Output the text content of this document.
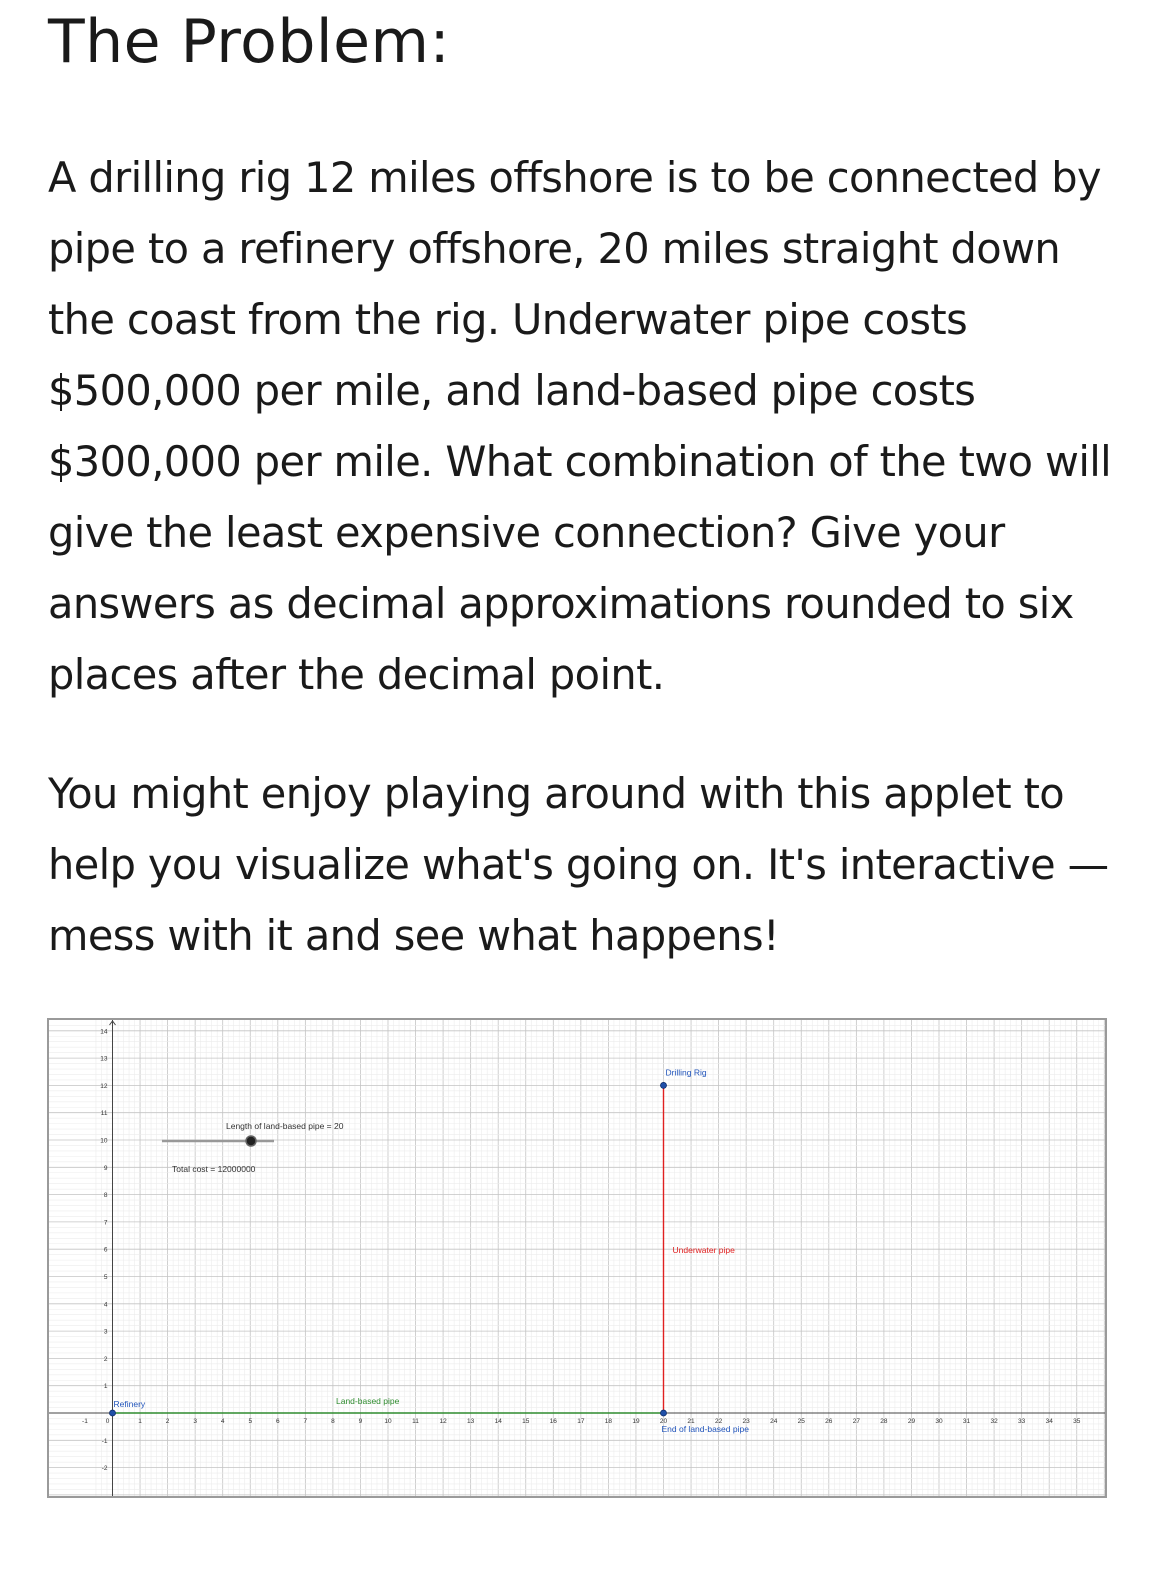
The Problem:

A drilling rig 12 miles offshore is to be connected by pipe to a refinery offshore, 20 miles straight down the coast from the rig. Underwater pipe costs $500,000 per mile, and land-based pipe costs $300,000 per mile. What combination of the two will give the least expensive connection? Give your answers as decimal approximations rounded to six places after the decimal point.

You might enjoy playing around with this applet to help you visualize what's going on. It's interactive — mess with it and see what happens!

-1	0	1	2	3	4	5	6	7	8	9	10	11	12	13	14	15	16	17	18	19	20	21	22	23	24	25	26	27	28	29	30	31	32	33	34	35
-2
-1
1
2
3
4
5
6
7
8
9
10
11
12
13
14
Land-based pipe
Underwater pipe
Refinery
Drilling Rig
End of land-based pipe
Length of land-based pipe = 20
Total cost = 12000000
